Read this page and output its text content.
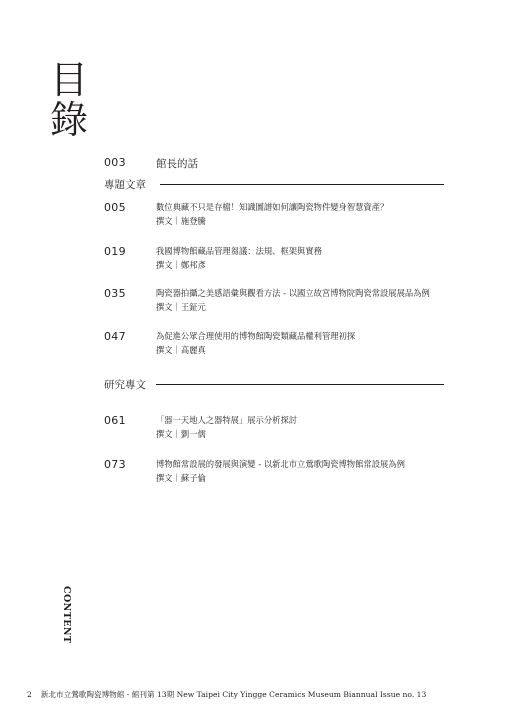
目
錄
003	館長的話
專題文章
005	數位典藏不只是存檔！知識圖譜如何讓陶瓷物件變身智慧資產？
撰文｜施登騰
019	我國博物館藏品管理芻議：法規、框架與實務
撰文｜鄭邦彥
035	陶瓷器拍攝之美感語彙與觀看方法 - 以國立故宮博物院陶瓷常設展展品為例
撰文｜王鉦元
047	為促進公眾合理使用的博物館陶瓷類藏品權利管理初探
撰文｜高麗真
研究專文
061	「器一天地人之器特展」展示分析探討
撰文｜劉一儒
073	博物館常設展的發展與演變 - 以新北市立鶯歌陶瓷博物館常設展為例
撰文｜蘇子倫
CONTENT
2 新北市立鶯歌陶瓷博物館 - 館刊第 13期 New Taipei City Yingge Ceramics Museum Biannual Issue no. 13
